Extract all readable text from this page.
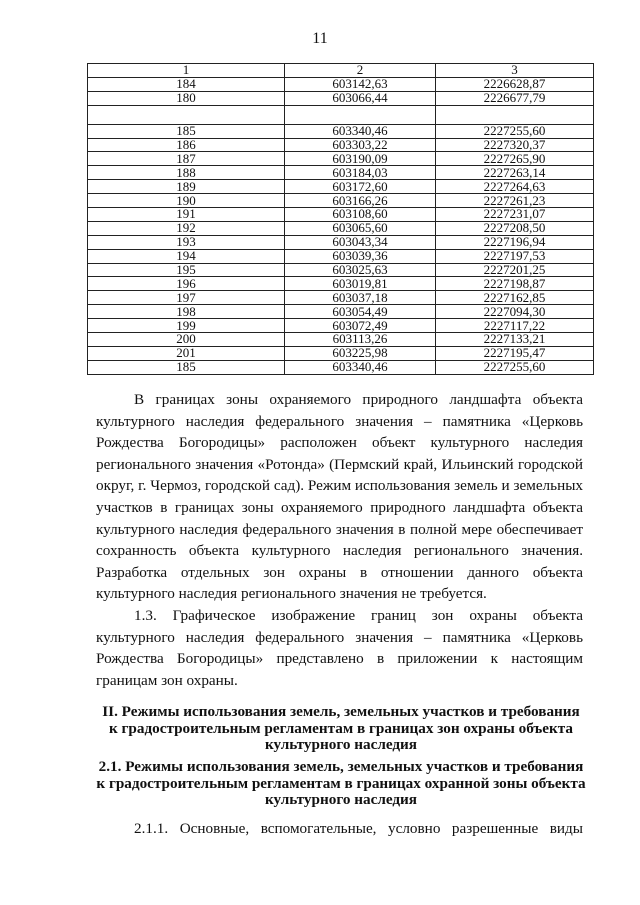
11
1	2	3
184	603142,63	2226628,87
180	603066,44	2226677,79

185	603340,46	2227255,60
186	603303,22	2227320,37
187	603190,09	2227265,90
188	603184,03	2227263,14
189	603172,60	2227264,63
190	603166,26	2227261,23
191	603108,60	2227231,07
192	603065,60	2227208,50
193	603043,34	2227196,94
194	603039,36	2227197,53
195	603025,63	2227201,25
196	603019,81	2227198,87
197	603037,18	2227162,85
198	603054,49	2227094,30
199	603072,49	2227117,22
200	603113,26	2227133,21
201	603225,98	2227195,47
185	603340,46	2227255,60

В границах зоны охраняемого природного ландшафта объекта культурного наследия федерального значения – памятника «Церковь Рождества Богородицы» расположен объект культурного наследия регионального значения «Ротонда» (Пермский край, Ильинский городской округ, г. Чермоз, городской сад). Режим использования земель и земельных участков в границах зоны охраняемого природного ландшафта объекта культурного наследия федерального значения в полной мере обеспечивает сохранность объекта культурного наследия регионального значения. Разработка отдельных зон охраны в отношении данного объекта культурного наследия регионального значения не требуется.

1.3. Графическое изображение границ зон охраны объекта культурного наследия федерального значения – памятника «Церковь Рождества Богородицы» представлено в приложении к настоящим границам зон охраны.

II. Режимы использования земель, земельных участков и требования к градостроительным регламентам в границах зон охраны объекта культурного наследия

2.1. Режимы использования земель, земельных участков и требования к градостроительным регламентам в границах охранной зоны объекта культурного наследия

2.1.1. Основные, вспомогательные, условно разрешенные виды
